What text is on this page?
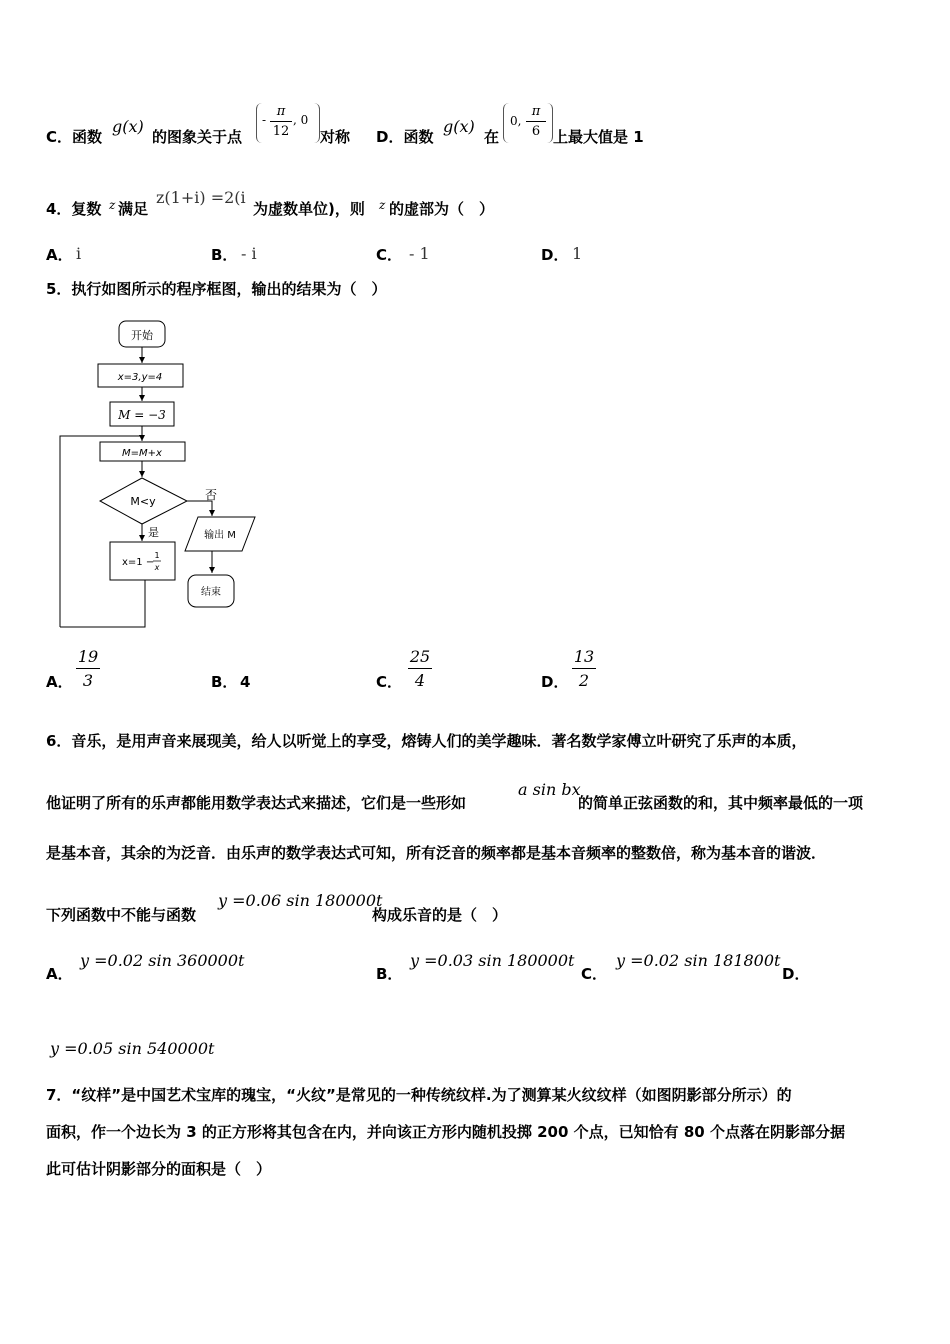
C．函数
g(x)
的图象关于点
-
π
12
, 0
对称 D．函数
g(x)
在
0,
π
6 上最大值是 1
4．复数 z 满足
z(1+i) =2(i
为虚数单位)，则 z 的虚部为（　）
A． i	B． - i	C． - 1	D． 1
5．执行如图所示的程序框图，输出的结果为（　）
开始
x=3,y=4
M = −3
M=M+x
M<y	否
是
x=1 −
1
x
输出 M
结束
A．
19
3	B． 4	C．
25
4	D．
13
2
6．音乐，是用声音来展现美，给人以听觉上的享受，熔铸人们的美学趣味．著名数学家傅立叶研究了乐声的本质，
他证明了所有的乐声都能用数学表达式来描述，它们是一些形如
a sin bx
的简单正弦函数的和，其中频率最低的一项
是基本音，其余的为泛音．由乐声的数学表达式可知，所有泛音的频率都是基本音频率的整数倍，称为基本音的谐波．
下列函数中不能与函数
y =0.06 sin 180000t
构成乐音的是（　）
A．
y =0.02 sin 360000t
B．
y =0.03 sin 180000t
C．
y =0.02 sin 181800t
D．
y =0.05 sin 540000t
7．“纹样”是中国艺术宝库的瑰宝，“火纹”是常见的一种传统纹样.为了测算某火纹纹样（如图阴影部分所示）的
面积，作一个边长为 3 的正方形将其包含在内，并向该正方形内随机投掷 200 个点，已知恰有 80 个点落在阴影部分据
此可估计阴影部分的面积是（　）
